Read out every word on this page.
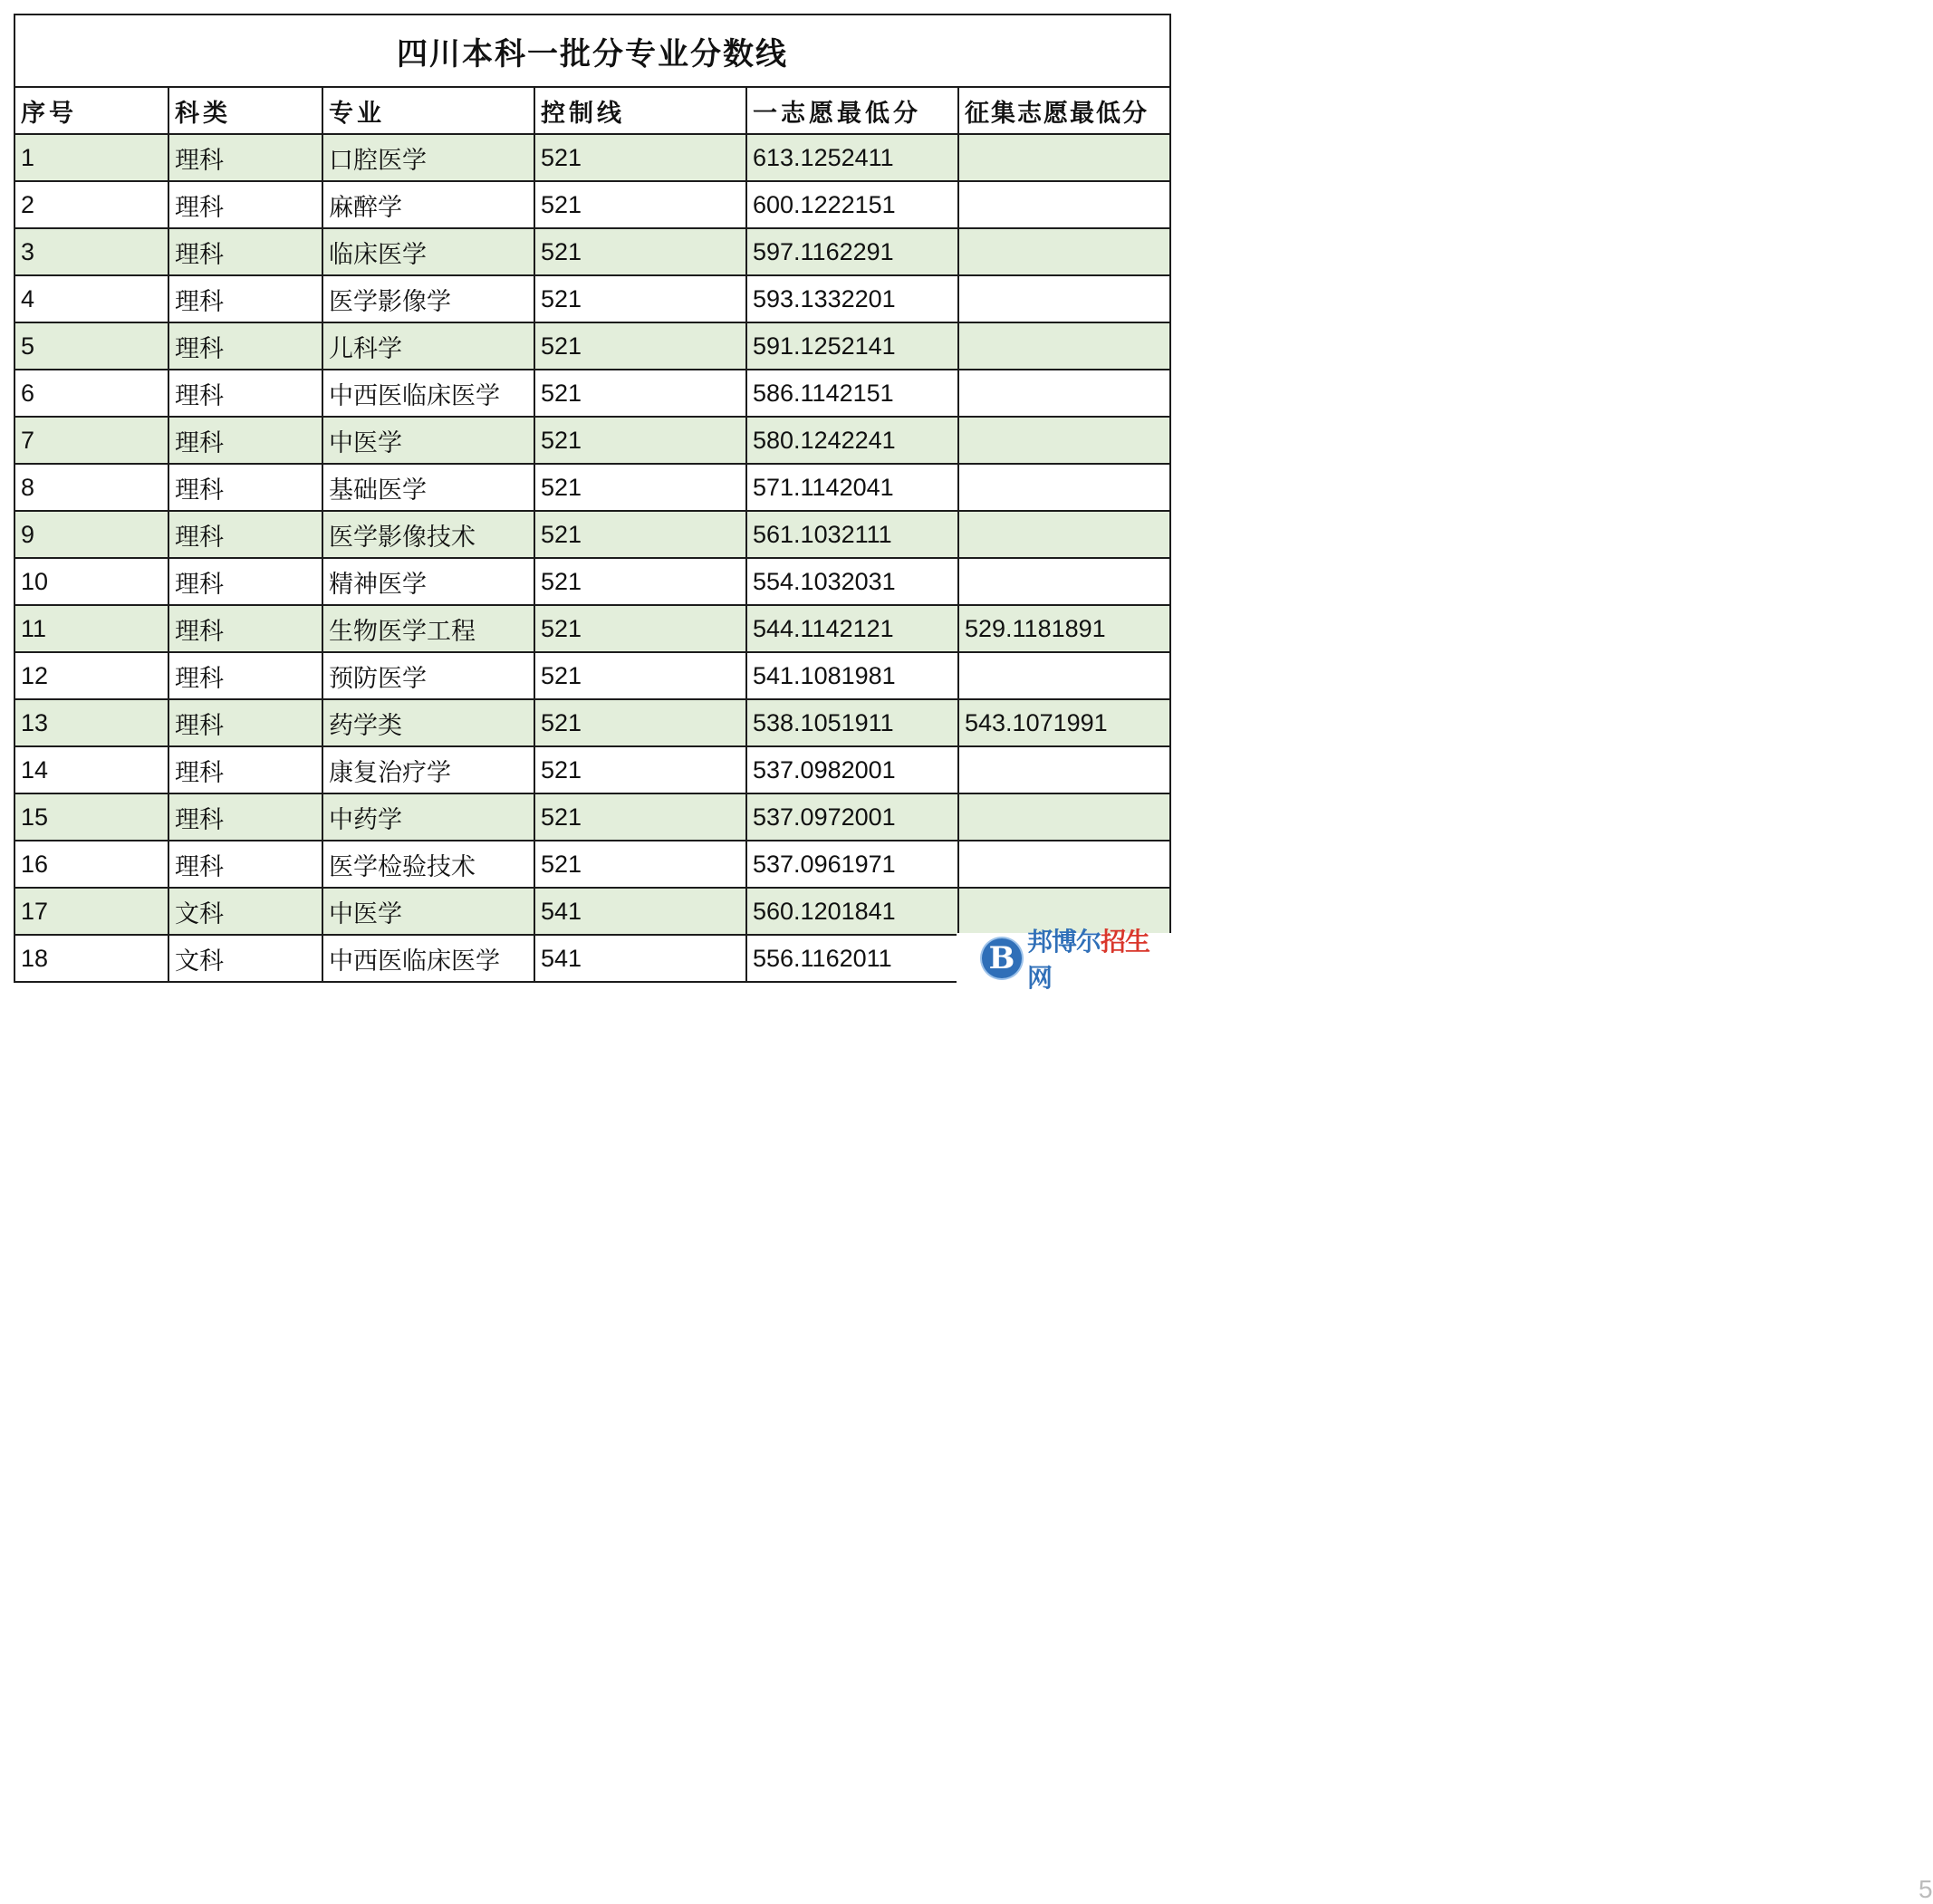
四川本科一批分专业分数线					
序号	科类	专业	控制线	一志愿最低分	征集志愿最低分
1	理科	口腔医学	521	613.1252411	
2	理科	麻醉学	521	600.1222151	
3	理科	临床医学	521	597.1162291	
4	理科	医学影像学	521	593.1332201	
5	理科	儿科学	521	591.1252141	
6	理科	中西医临床医学	521	586.1142151	
7	理科	中医学	521	580.1242241	
8	理科	基础医学	521	571.1142041	
9	理科	医学影像技术	521	561.1032111	
10	理科	精神医学	521	554.1032031	
11	理科	生物医学工程	521	544.1142121	529.1181891
12	理科	预防医学	521	541.1081981	
13	理科	药学类	521	538.1051911	543.1071991
14	理科	康复治疗学	521	537.0982001	
15	理科	中药学	521	537.0972001	
16	理科	医学检验技术	521	537.0961971	
17	文科	中医学	541	560.1201841	
18	文科	中西医临床医学	541	556.1162011	
5
B 邦博尔招生网
